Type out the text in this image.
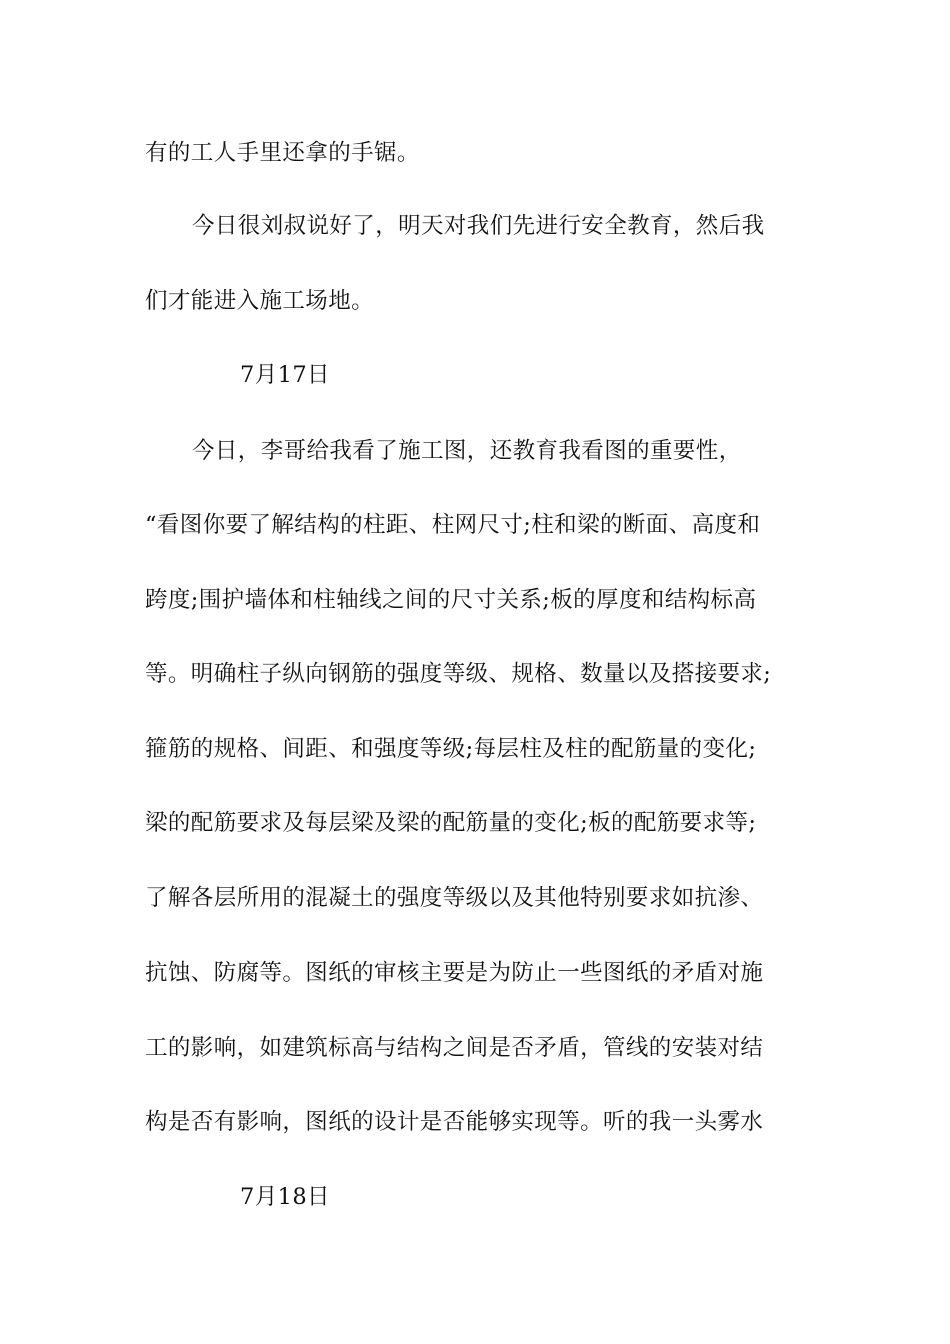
有的工人手里还拿的手锯。
今日很刘叔说好了，明天对我们先进行安全教育，然后我
们才能进入施工场地。
7月17日
今日，李哥给我看了施工图，还教育我看图的重要性，
“看图你要了解结构的柱距、柱网尺寸;柱和梁的断面、高度和
跨度;围护墙体和柱轴线之间的尺寸关系;板的厚度和结构标高
等。明确柱子纵向钢筋的强度等级、规格、数量以及搭接要求;
箍筋的规格、间距、和强度等级;每层柱及柱的配筋量的变化;
梁的配筋要求及每层梁及梁的配筋量的变化;板的配筋要求等;
了解各层所用的混凝土的强度等级以及其他特别要求如抗渗、
抗蚀、防腐等。图纸的审核主要是为防止一些图纸的矛盾对施
工的影响，如建筑标高与结构之间是否矛盾，管线的安装对结
构是否有影响，图纸的设计是否能够实现等。听的我一头雾水
7月18日
